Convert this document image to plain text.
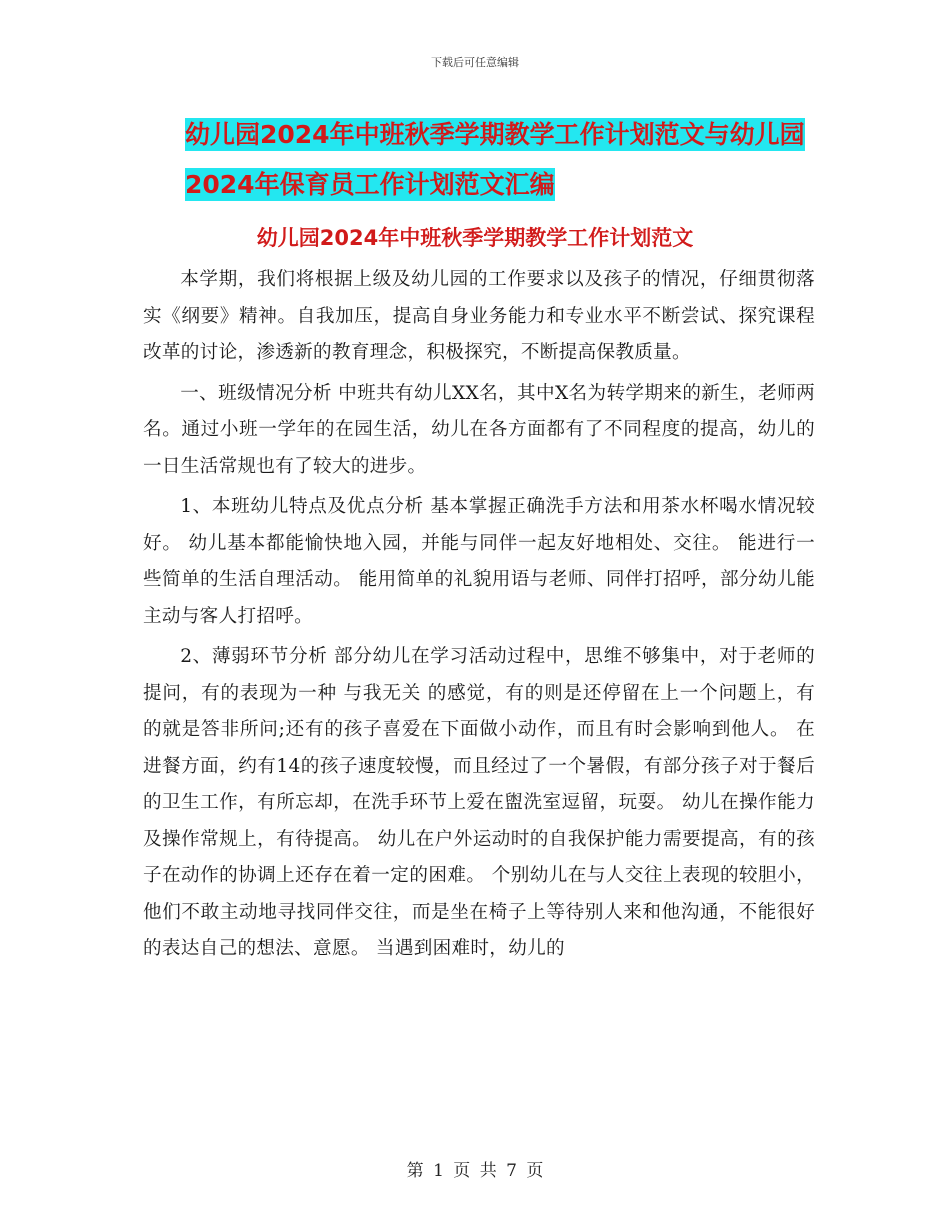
下载后可任意编辑
幼儿园2024年中班秋季学期教学工作计划范文与幼儿园2024年保育员工作计划范文汇编
幼儿园2024年中班秋季学期教学工作计划范文

本学期，我们将根据上级及幼儿园的工作要求以及孩子的情况，仔细贯彻落实《纲要》精神。自我加压，提高自身业务能力和专业水平不断尝试、探究课程改革的讨论，渗透新的教育理念，积极探究，不断提高保教质量。

一、班级情况分析 中班共有幼儿XX名，其中X名为转学期来的新生，老师两名。通过小班一学年的在园生活，幼儿在各方面都有了不同程度的提高，幼儿的一日生活常规也有了较大的进步。

1、本班幼儿特点及优点分析 基本掌握正确洗手方法和用茶水杯喝水情况较好。 幼儿基本都能愉快地入园，并能与同伴一起友好地相处、交往。 能进行一些简单的生活自理活动。 能用简单的礼貌用语与老师、同伴打招呼，部分幼儿能主动与客人打招呼。

2、薄弱环节分析 部分幼儿在学习活动过程中，思维不够集中，对于老师的提问，有的表现为一种 与我无关 的感觉，有的则是还停留在上一个问题上，有的就是答非所问;还有的孩子喜爱在下面做小动作，而且有时会影响到他人。 在进餐方面，约有14的孩子速度较慢，而且经过了一个暑假，有部分孩子对于餐后的卫生工作，有所忘却，在洗手环节上爱在盥洗室逗留，玩耍。 幼儿在操作能力及操作常规上，有待提高。 幼儿在户外运动时的自我保护能力需要提高，有的孩子在动作的协调上还存在着一定的困难。 个别幼儿在与人交往上表现的较胆小，他们不敢主动地寻找同伴交往，而是坐在椅子上等待别人来和他沟通，不能很好的表达自己的想法、意愿。 当遇到困难时，幼儿的

第 1 页 共 7 页
